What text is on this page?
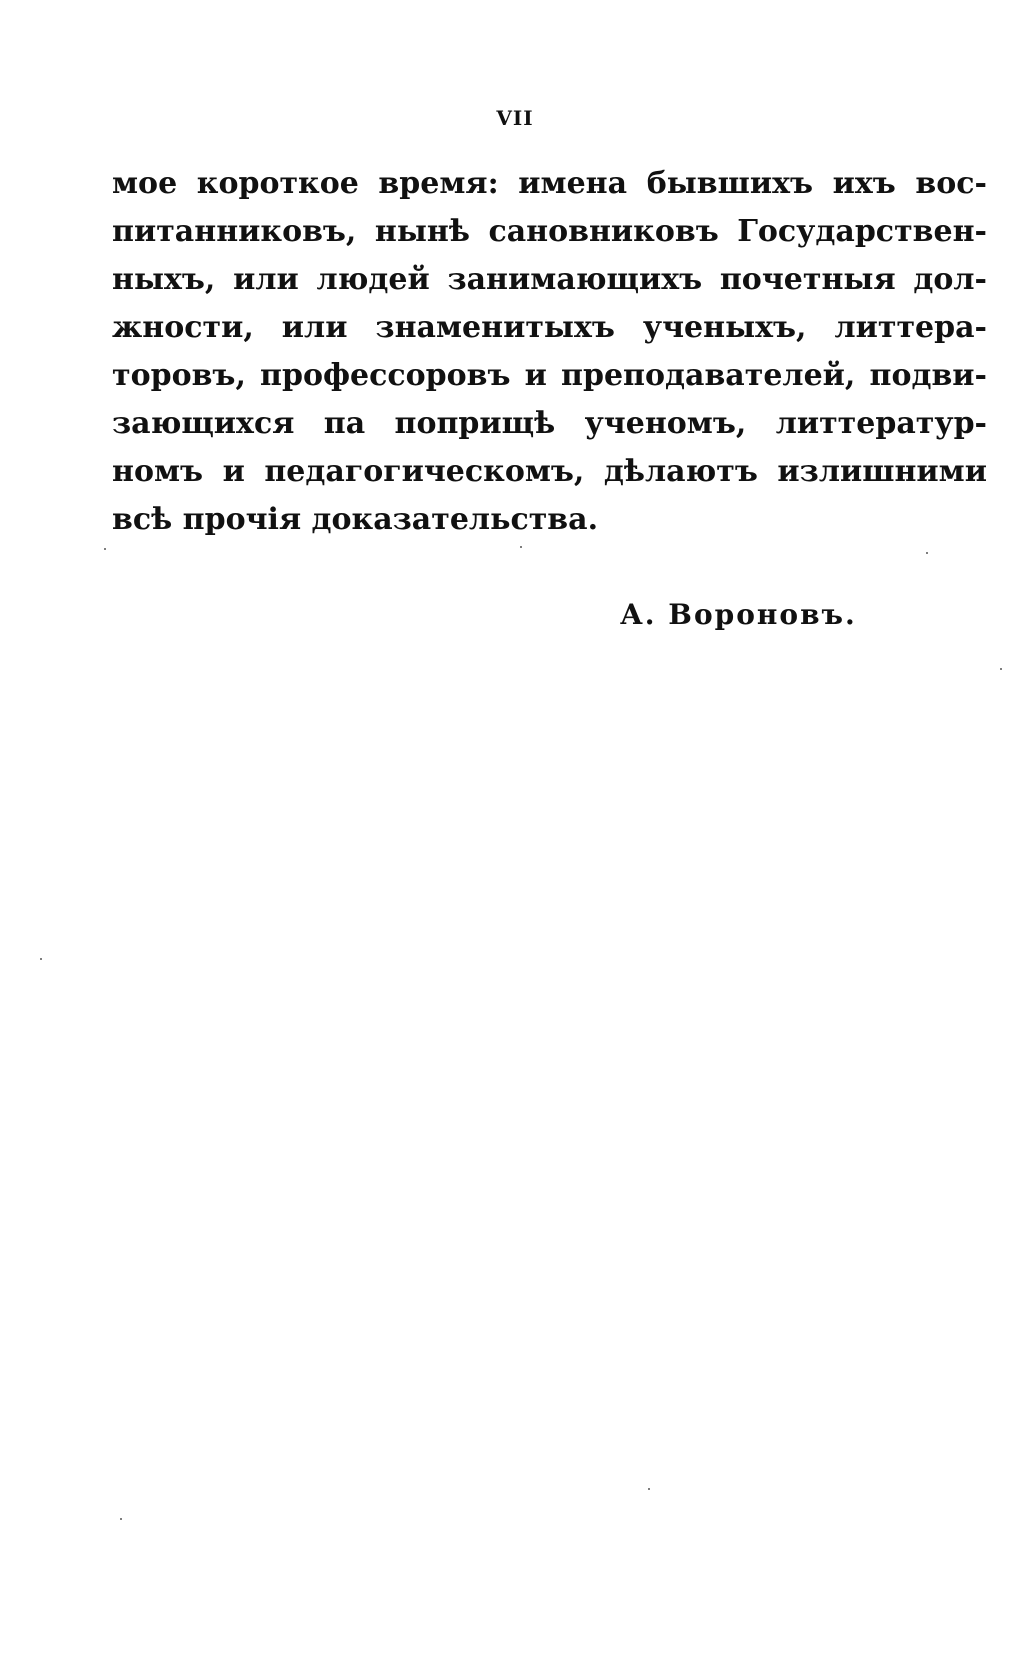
VII
мое короткое время: имена бывшихъ ихъ вос-
питанниковъ, нынѣ сановниковъ Государствен-
ныхъ, или людей занимающихъ почетныя дол-
жности, или знаменитыхъ ученыхъ, литтера-
торовъ, профессоровъ и преподавателей, подви-
зающихся па поприщѣ ученомъ, литтератур-
номъ и педагогическомъ, дѣлаютъ излишними
всѣ прочія доказательства.
А. Вороновъ.
